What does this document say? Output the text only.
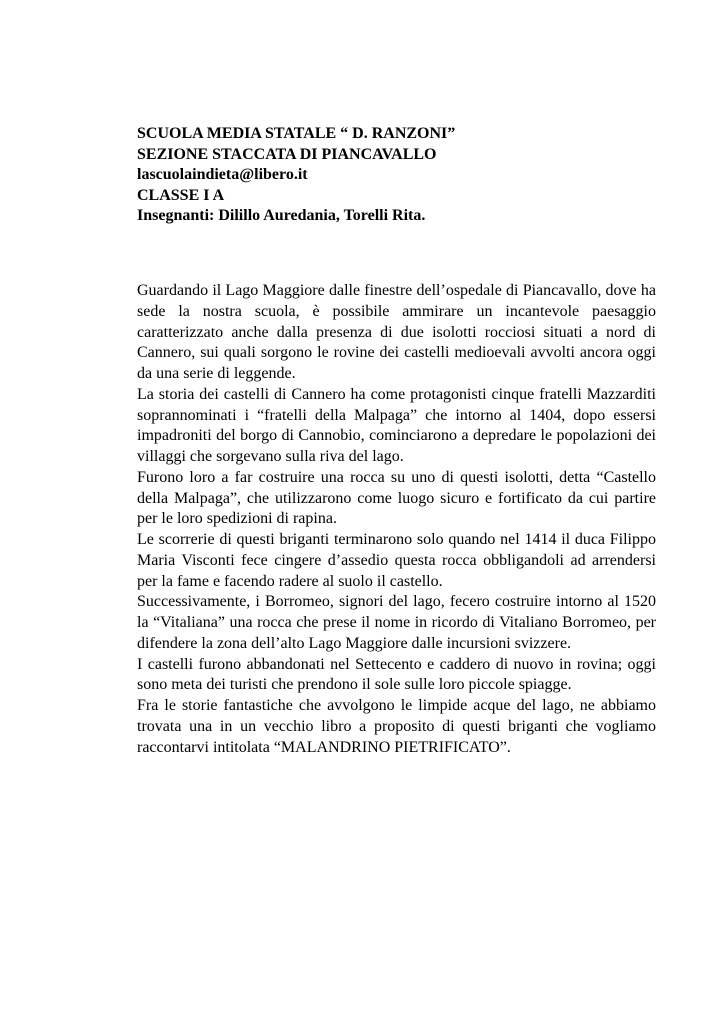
SCUOLA MEDIA STATALE “ D. RANZONI”
SEZIONE STACCATA DI PIANCAVALLO
lascuolaindieta@libero.it
CLASSE I A
Insegnanti: Dilillo Auredania, Torelli Rita.

Guardando il Lago Maggiore dalle finestre dell’ospedale di Piancavallo, dove ha sede la nostra scuola, è possibile ammirare un incantevole paesaggio caratterizzato anche dalla presenza di due isolotti rocciosi situati a nord di Cannero, sui quali sorgono le rovine dei castelli medioevali avvolti ancora oggi da una serie di leggende.

La storia dei castelli di Cannero ha come protagonisti cinque fratelli Mazzarditi soprannominati i “fratelli della Malpaga” che intorno al 1404, dopo essersi impadroniti del borgo di Cannobio, cominciarono a depredare le popolazioni dei villaggi che sorgevano sulla riva del lago.

Furono loro a far costruire una rocca su uno di questi isolotti, detta “Castello della Malpaga”, che utilizzarono come luogo sicuro e fortificato da cui partire per le loro spedizioni di rapina.

Le scorrerie di questi briganti terminarono solo quando nel 1414 il duca Filippo Maria Visconti fece cingere d’assedio questa rocca obbligandoli ad arrendersi per la fame e facendo radere al suolo il castello.

Successivamente, i Borromeo, signori del lago, fecero costruire intorno al 1520 la “Vitaliana” una rocca che prese il nome in ricordo di Vitaliano Borromeo, per difendere la zona dell’alto Lago Maggiore dalle incursioni svizzere.

I castelli furono abbandonati nel Settecento e caddero di nuovo in rovina; oggi sono meta dei turisti che prendono il sole sulle loro piccole spiagge.

Fra le storie fantastiche che avvolgono le limpide acque del lago, ne abbiamo trovata una in un vecchio libro a proposito di questi briganti che vogliamo raccontarvi intitolata “MALANDRINO PIETRIFICATO”.
